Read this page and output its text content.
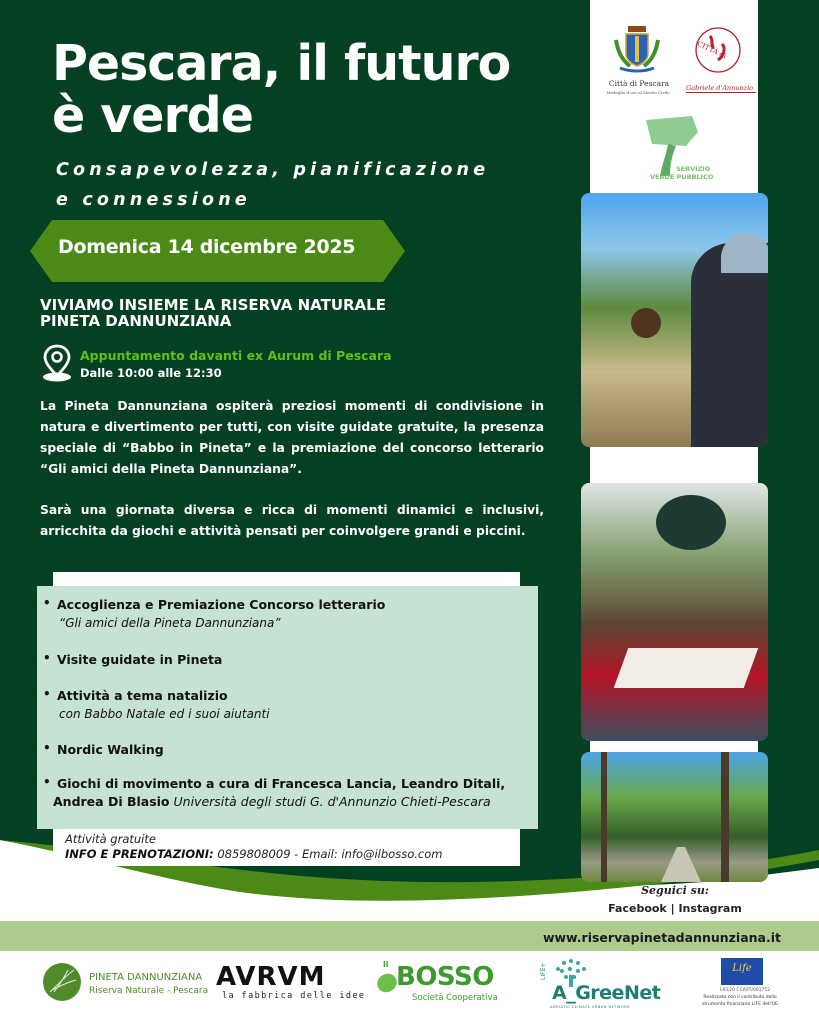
Pescara, il futuro
è verde
Consapevolezza, pianificazione
e connessione
Domenica 14 dicembre 2025
VIVIAMO INSIEME LA RISERVA NATURALE
PINETA DANNUNZIANA
Appuntamento davanti ex Aurum di Pescara
Dalle 10:00 alle 12:30
La Pineta Dannunziana ospiterà preziosi momenti di condivisione in natura e divertimento per tutti, con visite guidate gratuite, la presenza speciale di “Babbo in Pineta” e la premiazione del concorso letterario “Gli amici della Pineta Dannunziana”.
Sarà una giornata diversa e ricca di momenti dinamici e inclusivi, arricchita da giochi e attività pensati per coinvolgere grandi e piccini.
• Accoglienza e Premiazione Concorso letterario
“Gli amici della Pineta Dannunziana”
• Visite guidate in Pineta
• Attività a tema natalizio
con Babbo Natale ed i suoi aiutanti
• Nordic Walking
• Giochi di movimento a cura di Francesca Lancia, Leandro Ditali,
Andrea Di Blasio Università degli studi G. d'Annunzio Chieti-Pescara
Attività gratuite
INFO E PRENOTAZIONI: 0859808009 - Email: info@ilbosso.com
Città di Pescara
Medaglia d'oro al Merito Civile
CITTÀ di
Gabriele d'Annunzio
SERVIZIO
VERDE PUBBLICO
Seguici su:
Facebook | Instagram
www.riservapinetadannunziana.it
PINETA DANNUNZIANA
Riserva Naturale - Pescara AVRVM
la fabbrica delle idee
il BOSSO
Società Cooperativa
LIFE+
A_GreeNet
ADRIATIC CLIMATE URBAN NETWORK
Life
LIFE20 CCA/IT/001752
Realizzato con il contributo dello
strumento finanziario LIFE dell'UE
